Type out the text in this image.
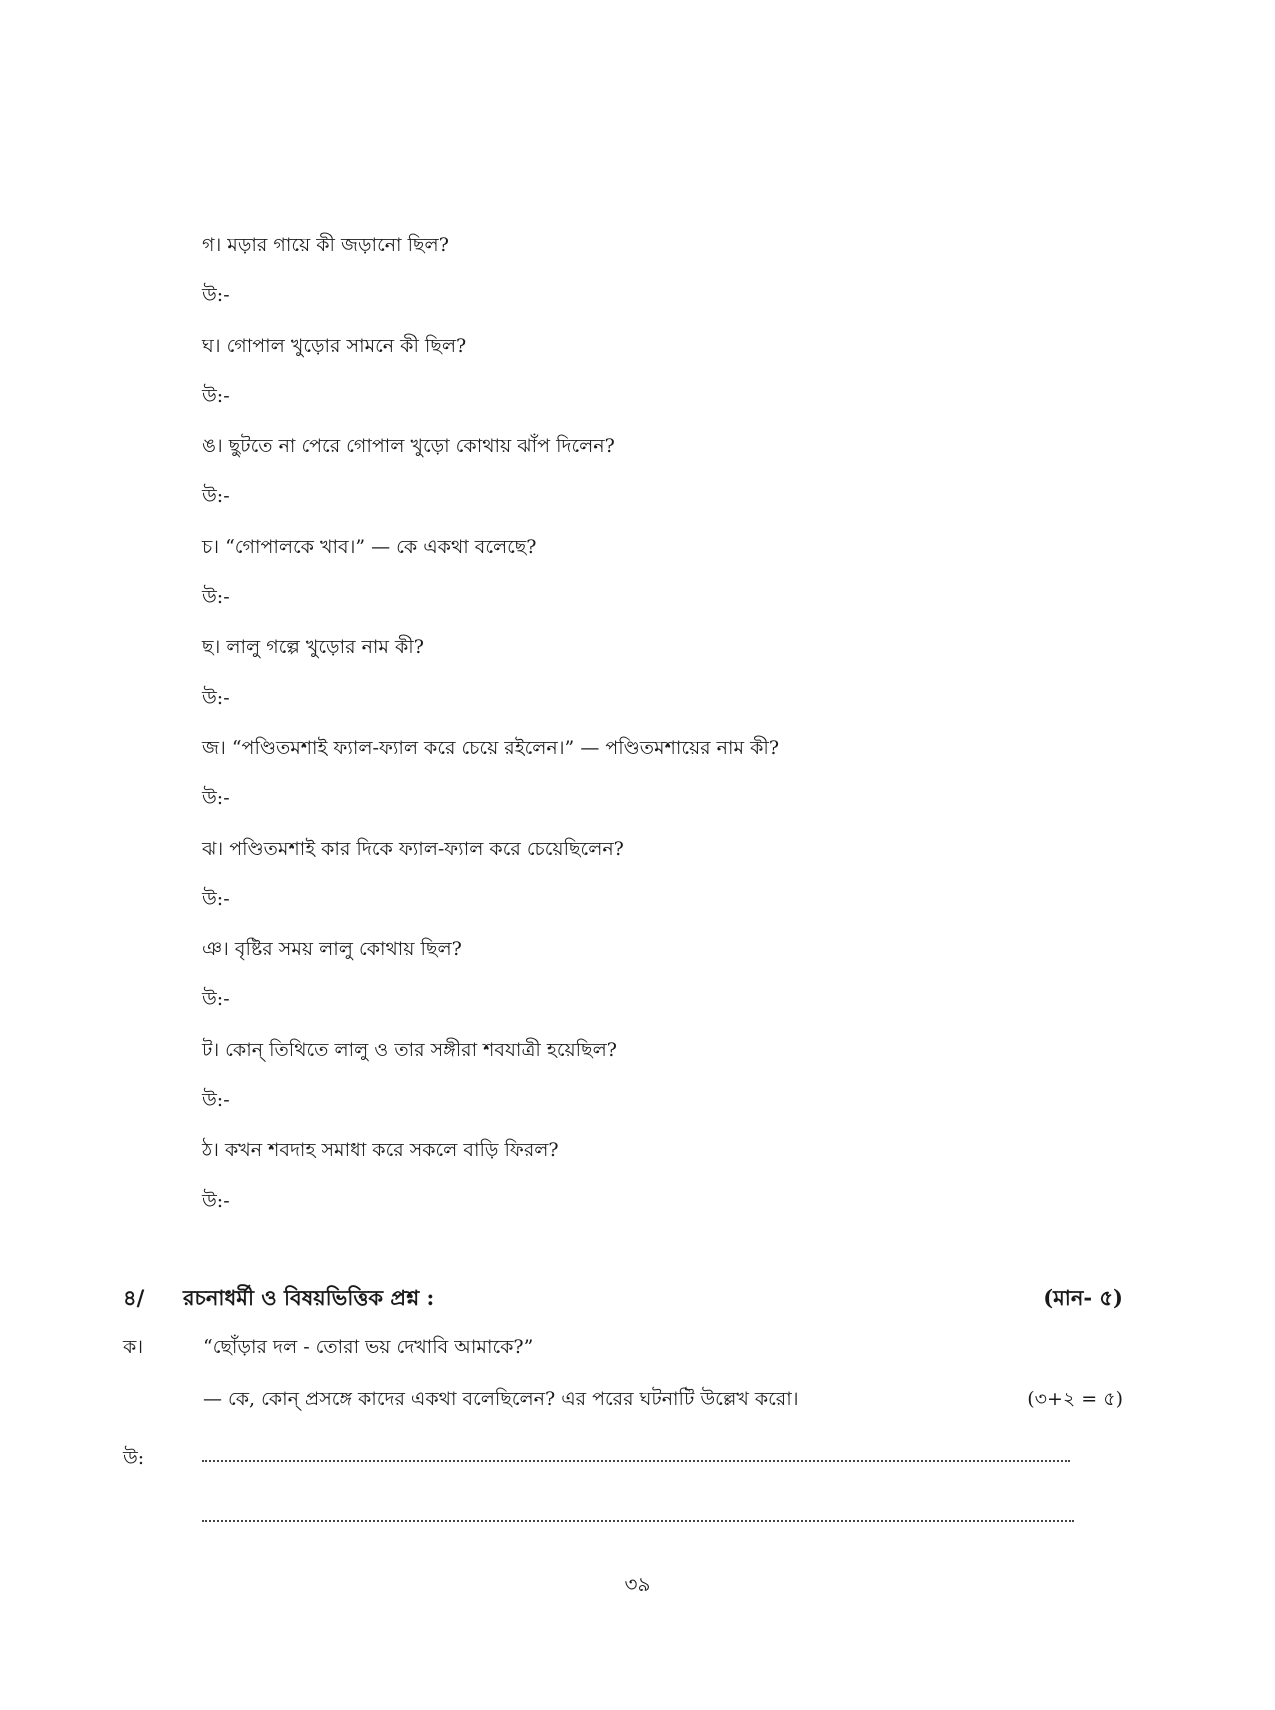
গ। মড়ার গায়ে কী জড়ানো ছিল?
উ:-
ঘ। গোপাল খুড়োর সামনে কী ছিল?
উ:-
ঙ। ছুটতে না পেরে গোপাল খুড়ো কোথায় ঝাঁপ দিলেন?
উ:-
চ। “গোপালকে খাব।” — কে একথা বলেছে?
উ:-
ছ। লালু গল্পে খুড়োর নাম কী?
উ:-
জ। “পণ্ডিতমশাই ফ্যাল-ফ্যাল করে চেয়ে রইলেন।” — পণ্ডিতমশায়ের নাম কী?
উ:-
ঝ। পণ্ডিতমশাই কার দিকে ফ্যাল-ফ্যাল করে চেয়েছিলেন?
উ:-
ঞ। বৃষ্টির সময় লালু কোথায় ছিল?
উ:-
ট। কোন্ তিথিতে লালু ও তার সঙ্গীরা শবযাত্রী হয়েছিল?
উ:-
ঠ। কখন শবদাহ সমাধা করে সকলে বাড়ি ফিরল?
উ:-
৪/ রচনাধর্মী ও বিষয়ভিত্তিক প্রশ্ন :	(মান- ৫)
ক।	“ছোঁড়ার দল - তোরা ভয় দেখাবি আমাকে?”
— কে, কোন্ প্রসঙ্গে কাদের একথা বলেছিলেন? এর পরের ঘটনাটি উল্লেখ করো।	(৩+২ = ৫)
উ:
৩৯
